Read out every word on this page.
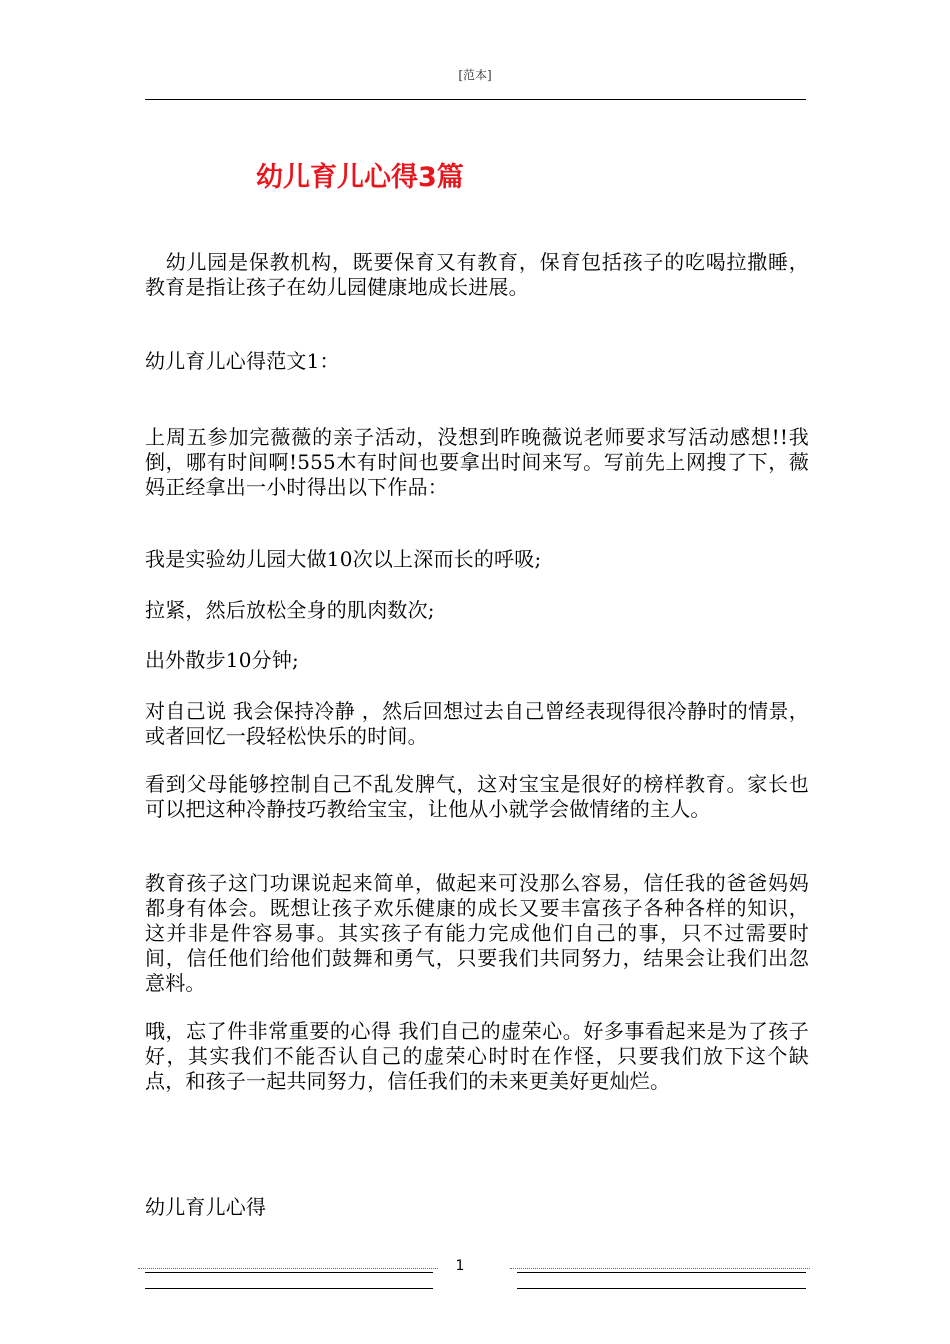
[范本]
幼儿育儿心得3篇

　幼儿园是保教机构，既要保育又有教育，保育包括孩子的吃喝拉撒睡，教育是指让孩子在幼儿园健康地成长进展。

幼儿育儿心得范文1：

上周五参加完薇薇的亲子活动，没想到昨晚薇说老师要求写活动感想!!我倒，哪有时间啊!555木有时间也要拿出时间来写。写前先上网搜了下，薇妈正经拿出一小时得出以下作品：

我是实验幼儿园大做10次以上深而长的呼吸;

拉紧，然后放松全身的肌肉数次;

出外散步10分钟;

对自己说 我会保持冷静 ，然后回想过去自己曾经表现得很冷静时的情景，或者回忆一段轻松快乐的时间。

看到父母能够控制自己不乱发脾气，这对宝宝是很好的榜样教育。家长也可以把这种冷静技巧教给宝宝，让他从小就学会做情绪的主人。

教育孩子这门功课说起来简单，做起来可没那么容易，信任我的爸爸妈妈都身有体会。既想让孩子欢乐健康的成长又要丰富孩子各种各样的知识，这并非是件容易事。其实孩子有能力完成他们自己的事，只不过需要时间，信任他们给他们鼓舞和勇气，只要我们共同努力，结果会让我们出忽意料。

哦，忘了件非常重要的心得 我们自己的虚荣心。好多事看起来是为了孩子好，其实我们不能否认自己的虚荣心时时在作怪，只要我们放下这个缺点，和孩子一起共同努力，信任我们的未来更美好更灿烂。

幼儿育儿心得

1
